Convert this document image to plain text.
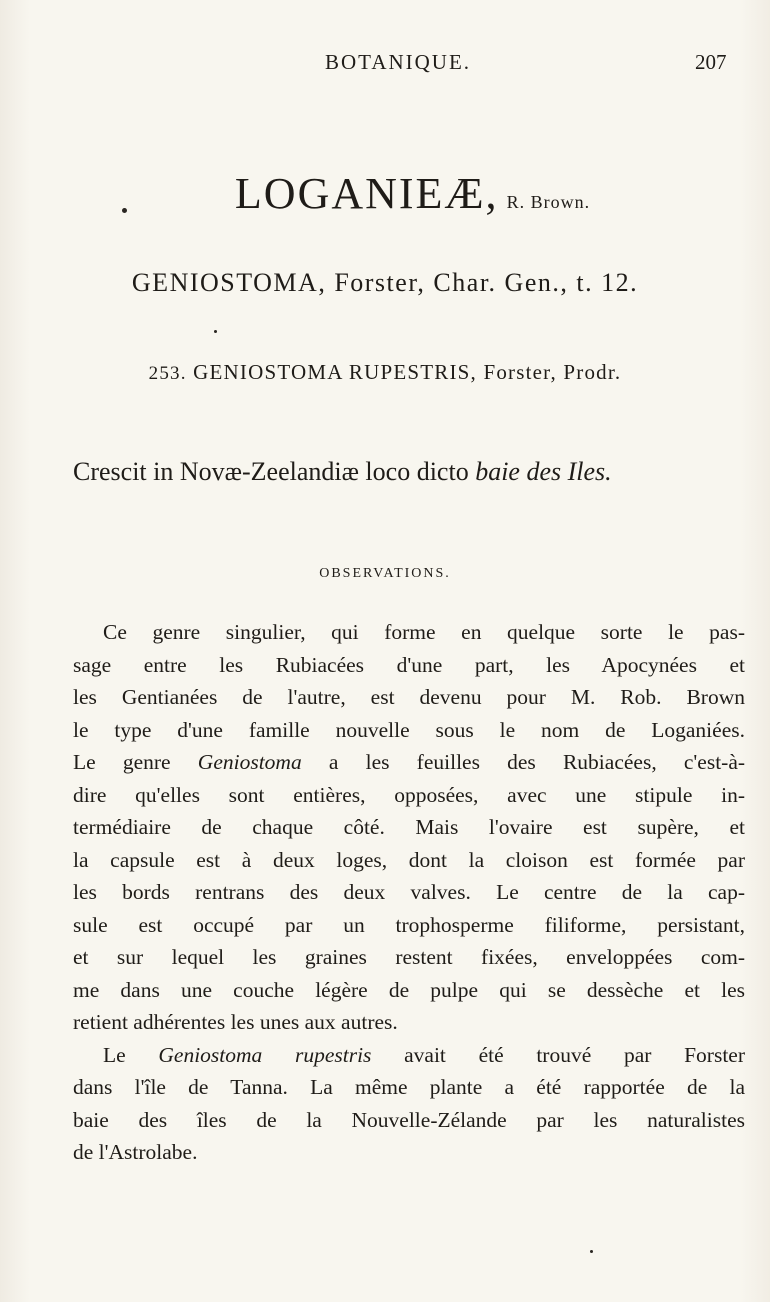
BOTANIQUE.	207
LOGANIEÆ, R. Brown.
GENIOSTOMA, Forster, Char. Gen., t. 12.
253. GENIOSTOMA RUPESTRIS, Forster, Prodr.
Crescit in Novæ-Zeelandiæ loco dicto baie des Iles.
OBSERVATIONS.
Ce genre singulier, qui forme en quelque sorte le pas-
sage entre les Rubiacées d'une part, les Apocynées et
les Gentianées de l'autre, est devenu pour M. Rob. Brown
le type d'une famille nouvelle sous le nom de Loganiées.
Le genre Geniostoma a les feuilles des Rubiacées, c'est-à-
dire qu'elles sont entières, opposées, avec une stipule in-
termédiaire de chaque côté. Mais l'ovaire est supère, et
la capsule est à deux loges, dont la cloison est formée par
les bords rentrans des deux valves. Le centre de la cap-
sule est occupé par un trophosperme filiforme, persistant,
et sur lequel les graines restent fixées, enveloppées com-
me dans une couche légère de pulpe qui se dessèche et les
retient adhérentes les unes aux autres.
Le Geniostoma rupestris avait été trouvé par Forster
dans l'île de Tanna. La même plante a été rapportée de la
baie des îles de la Nouvelle-Zélande par les naturalistes
de l'Astrolabe.
